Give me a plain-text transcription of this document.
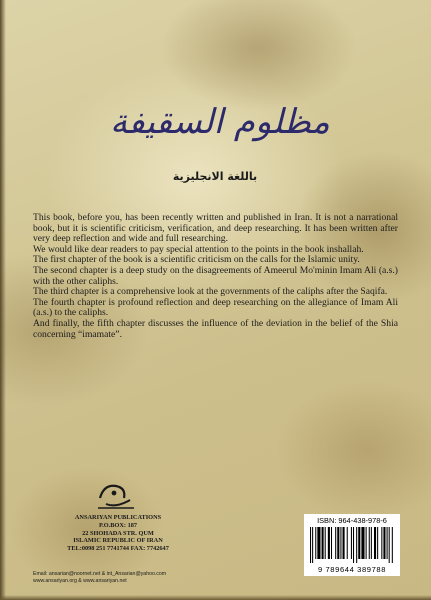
مظلوم السقيفة
باللغة الانجليزية

This book, before you, has been recently written and published in Iran. It is not a narrational book, but it is scientific criticism, verification, and deep researching. It has been written after very deep reflection and wide and full researching.

We would like dear readers to pay special attention to the points in the book inshallah.

The first chapter of the book is a scientific criticism on the calls for the Islamic unity.

The second chapter is a deep study on the disagreements of Ameerul Mo'minin Imam Ali (a.s.) with the other caliphs.

The third chapter is a comprehensive look at the governments of the caliphs after the Saqifa.

The fourth chapter is profound reflection and deep researching on the allegiance of Imam Ali (a.s.) to the caliphs.

And finally, the fifth chapter discusses the influence of the deviation in the belief of the Shia concerning “imamate”.

ANSARIYAN PUBLICATIONS
P.O.BOX: 187
22 SHOHADA STR. QUM
ISLAMIC REPUBLIC OF IRAN
TEL:0098 251 7741744 FAX: 7742647
Email: ansarian@noornet.net & int_Ansarian@yahoo.com
www.ansariyan.org & www.ansariyan.net
ISBN: 964-438-978-6
9 789644 389788
